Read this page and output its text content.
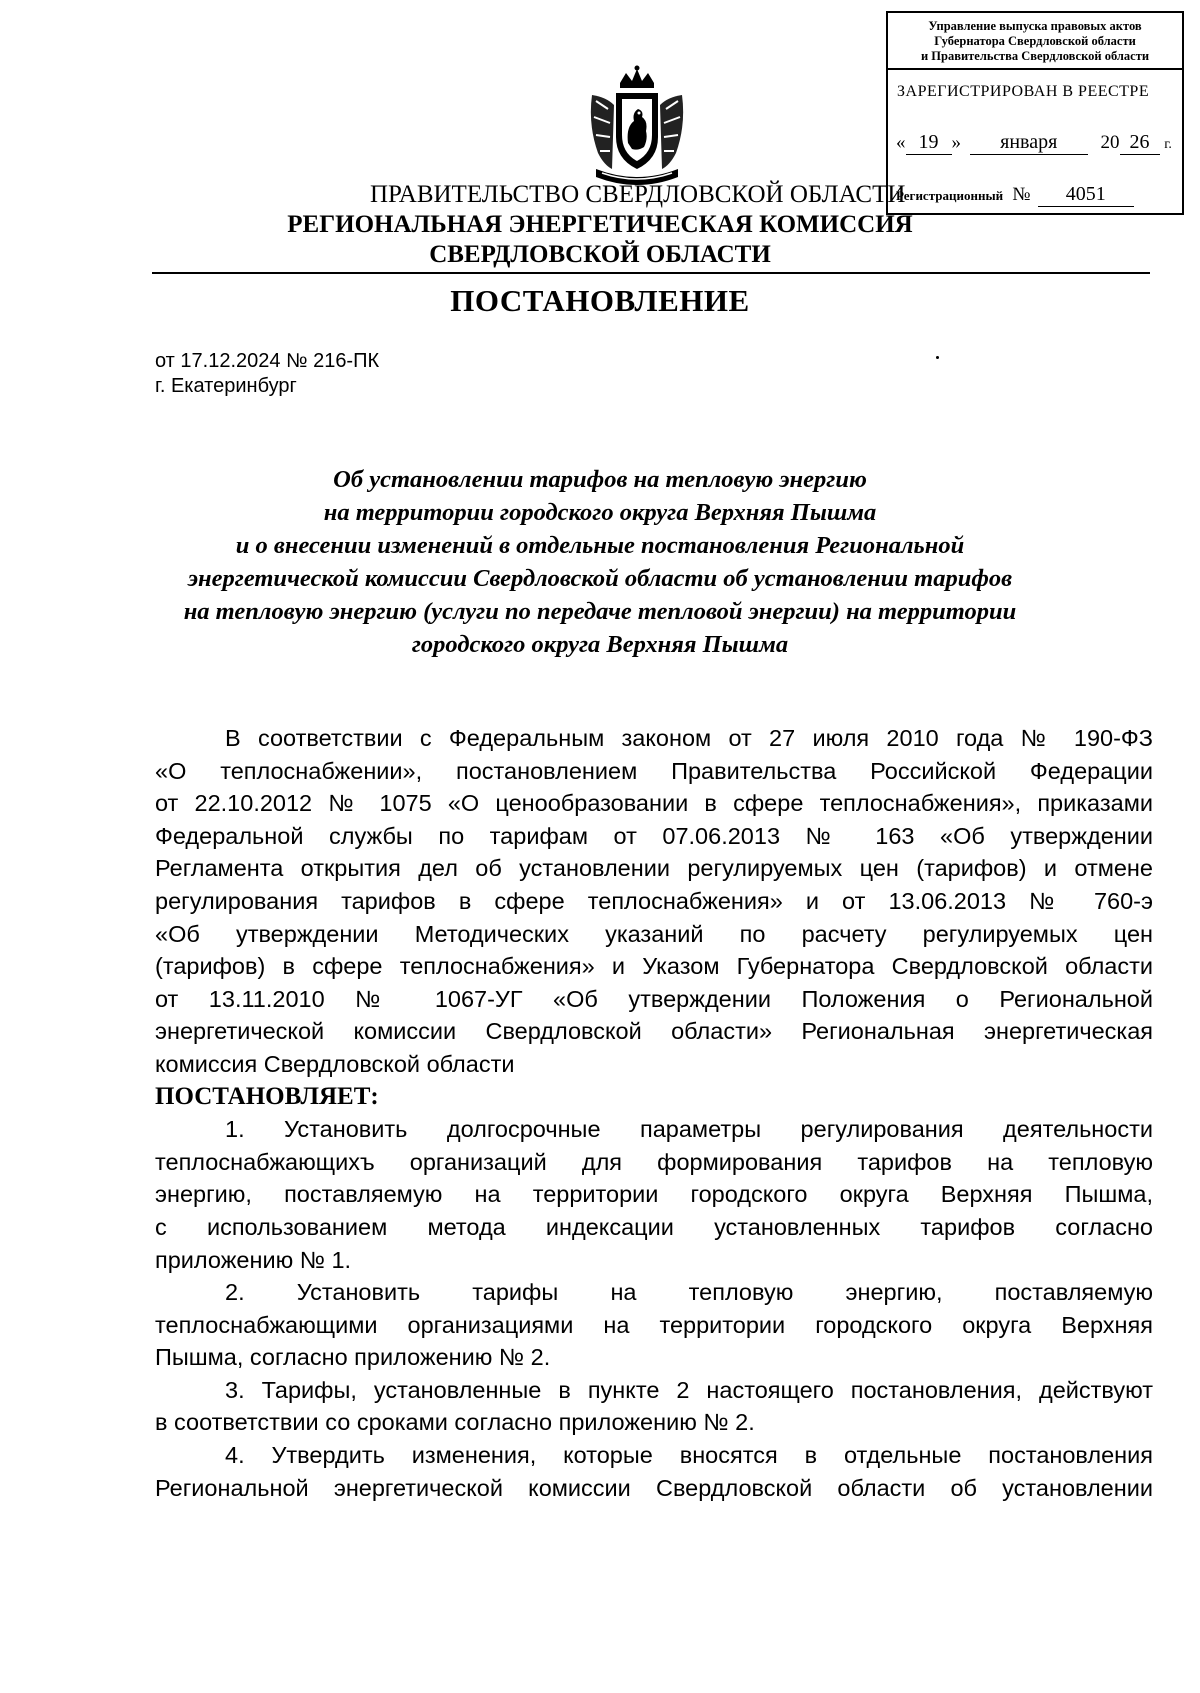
Управление выпуска правовых актов
Губернатора Свердловской области
и Правительства Свердловской области
ЗАРЕГИСТРИРОВАН В РЕЕСТРЕ
« 19 » января 20 26 г.
Регистрационный № 4051
ПРАВИТЕЛЬСТВО СВЕРДЛОВСКОЙ ОБЛАСТИ
РЕГИОНАЛЬНАЯ ЭНЕРГЕТИЧЕСКАЯ КОМИССИЯ
СВЕРДЛОВСКОЙ ОБЛАСТИ
ПОСТАНОВЛЕНИЕ
от 17.12.2024 № 216-ПК
г. Екатеринбург
Об установлении тарифов на тепловую энергию
на территории городского округа Верхняя Пышма
и о внесении изменений в отдельные постановления Региональной
энергетической комиссии Свердловской области об установлении тарифов
на тепловую энергию (услуги по передаче тепловой энергии) на территории
городского округа Верхняя Пышма
В соответствии с Федеральным законом от 27 июля 2010 года № 190-ФЗ
«О теплоснабжении», постановлением Правительства Российской Федерации
от 22.10.2012 № 1075 «О ценообразовании в сфере теплоснабжения», приказами
Федеральной службы по тарифам от 07.06.2013 № 163 «Об утверждении
Регламента открытия дел об установлении регулируемых цен (тарифов) и отмене
регулирования тарифов в сфере теплоснабжения» и от 13.06.2013 № 760-э
«Об утверждении Методических указаний по расчету регулируемых цен
(тарифов) в сфере теплоснабжения» и Указом Губернатора Свердловской области
от 13.11.2010 № 1067-УГ «Об утверждении Положения о Региональной
энергетической комиссии Свердловской области» Региональная энергетическая
комиссия Свердловской области
ПОСТАНОВЛЯЕТ:
1. Установить долгосрочные параметры регулирования деятельности
теплоснабжающихъ организаций для формирования тарифов на тепловую
энергию, поставляемую на территории городского округа Верхняя Пышма,
с использованием метода индексации установленных тарифов согласно
приложению № 1.
2. Установить тарифы на тепловую энергию, поставляемую
теплоснабжающими организациями на территории городского округа Верхняя
Пышма, согласно приложению № 2.
3. Тарифы, установленные в пункте 2 настоящего постановления, действуют
в соответствии со сроками согласно приложению № 2.
4. Утвердить изменения, которые вносятся в отдельные постановления
Региональной энергетической комиссии Свердловской области об установлении
